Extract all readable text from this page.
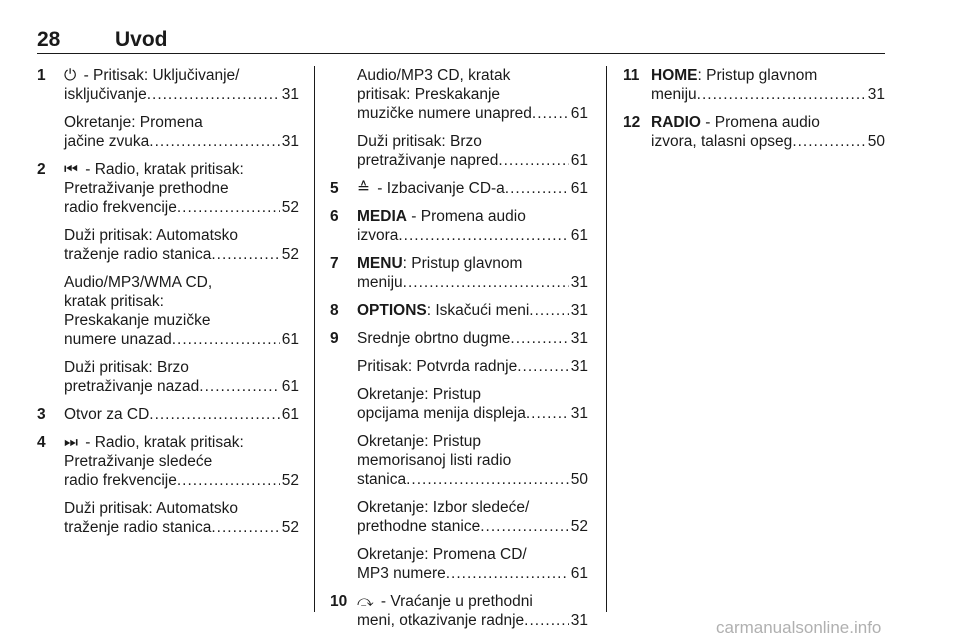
28	Uvod
1 ⏻ - Pritisak: Uključivanje/
isključivanje .....	31
Okretanje: Promena
jačine zvuka .....	31
2 ⏮ - Radio, kratak pritisak:
Pretraživanje prethodne
radio frekvencije .....	52
Duži pritisak: Automatsko
traženje radio stanica .....	52
Audio/MP3/WMA CD,
kratak pritisak:
Preskakanje muzičke
numere unazad .....	61
Duži pritisak: Brzo
pretraživanje nazad .....	61
3 Otvor za CD .....	61
4 ⏭ - Radio, kratak pritisak:
Pretraživanje sledeće
radio frekvencije .....	52
Duži pritisak: Automatsko
traženje radio stanica .....	52
Audio/MP3 CD, kratak
pritisak: Preskakanje
muzičke numere unapred .....	61
Duži pritisak: Brzo
pretraživanje napred .....	61
5 ≙ - Izbacivanje CD-a .....	61
6 MEDIA - Promena audio
izvora .....	61
7 MENU: Pristup glavnom
meniju .....	31
8 OPTIONS: Iskačući meni .....	31
9 Srednje obrtno dugme .....	31
Pritisak: Potvrda radnje .....	31
Okretanje: Pristup
opcijama menija displeja .....	31
Okretanje: Pristup
memorisanoj listi radio
stanica .....	50
Okretanje: Izbor sledeće/
prethodne stanice .....	52
Okretanje: Promena CD/
MP3 numere .....	61
10 ⤼ - Vraćanje u prethodni
meni, otkazivanje radnje .....	31
11 HOME: Pristup glavnom
meniju .....	31
12 RADIO - Promena audio
izvora, talasni opseg .....	50
carmanualsonline.info
